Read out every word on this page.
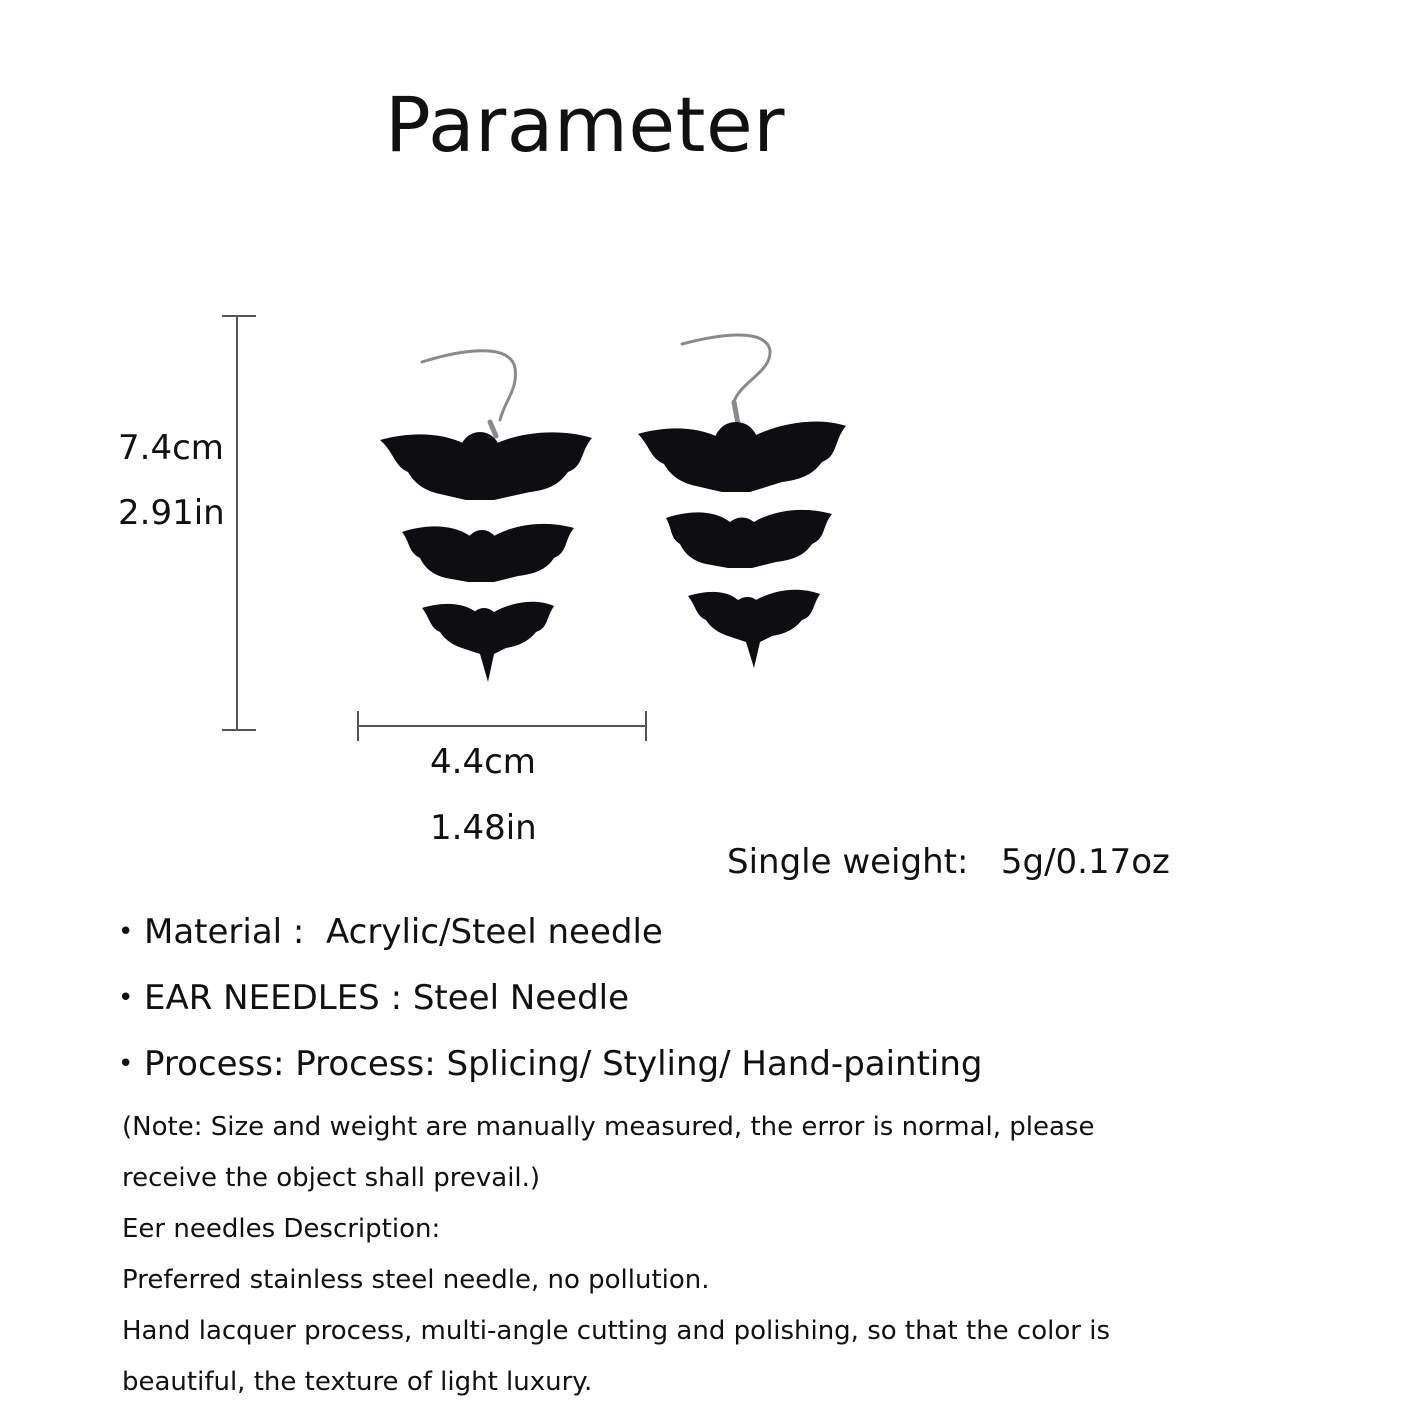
Parameter
7.4cm
2.91in
4.4cm
1.48in
Single weight: 5g/0.17oz
• Material :  Acrylic/Steel needle
• EAR NEEDLES : Steel Needle
• Process: Process: Splicing/ Styling/ Hand-painting
(Note: Size and weight are manually measured, the error is normal, please
receive the object shall prevail.)
Eer needles Description:
Preferred stainless steel needle, no pollution.
Hand lacquer process, multi-angle cutting and polishing, so that the color is
beautiful, the texture of light luxury.
